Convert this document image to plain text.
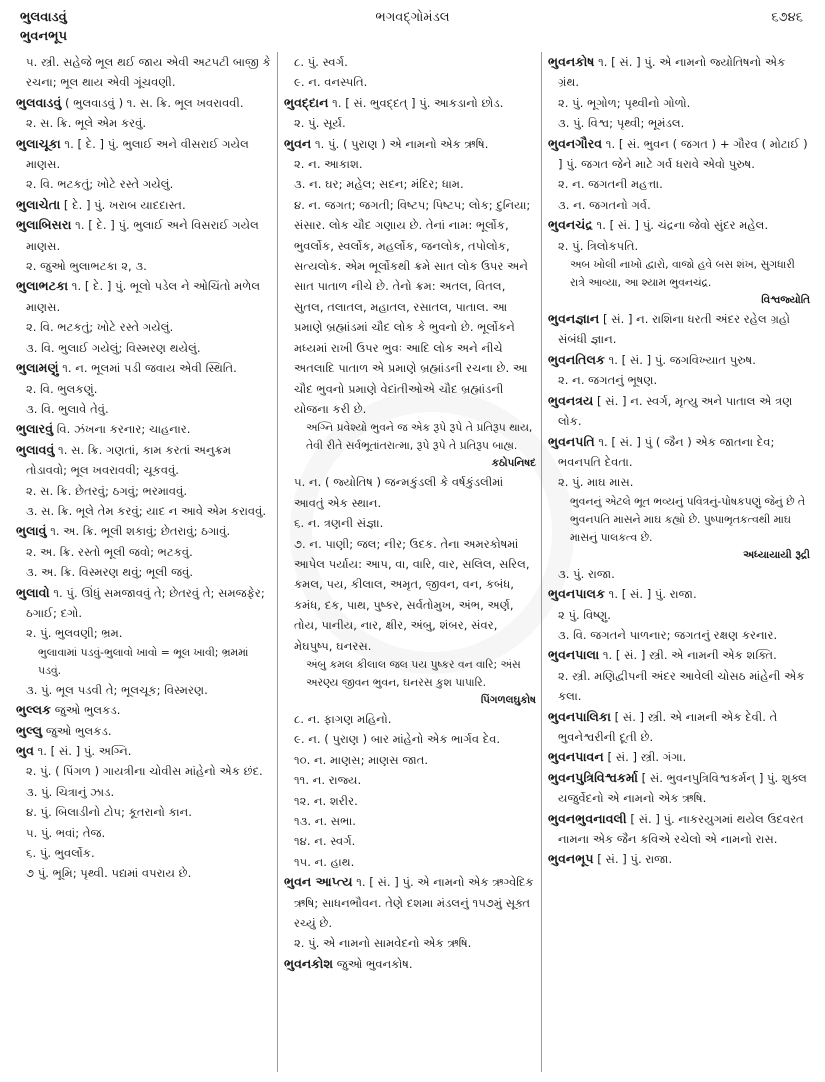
ભુલવાડવું
ભુવનભૂપ
ભગવદ્ગોમંડલ	૬૭૪૬

૫. સ્ત્રી. સહેજે ભૂલ થઈ જાય એવી અટપટી બાજી કે રચના; ભૂલ થાય એવી ગૂંચવણી.

ભુલવાડવું ( ભુલવાડવું ) ૧. સ. ક્રિ. ભૂલ ખવરાવવી.

૨. સ. ક્રિ. ભૂલે એમ કરવું.

ભુલાચૂકા ૧. [ દે. ] પું. ભુલાઈ અને વીસરાઈ ગયેલ માણસ.

૨. વિ. ભટકતું; ખોટે રસ્તે ગયેલું.

ભુલાચેતા [ દે. ] પું. ખરાબ યાદદાસ્ત.

ભુલાબિસરા ૧. [ દે. ] પું. ભુલાઈ અને વિસરાઈ ગયેલ માણસ.

૨. જુઓ ભુલાભટકા ૨, ૩.

ભુલાભટકા ૧. [ દે. ] પું. ભૂલો પડેલ ને ઓચિંતો મળેલ માણસ.

૨. વિ. ભટકતું; ખોટે રસ્તે ગયેલું.

૩. વિ. ભુલાઈ ગયેલું; વિસ્મરણ થયેલું.

ભુલામણું ૧. ન. ભૂલમાં પડી જવાય એવી સ્થિતિ.

૨. વિ. ભુલકણું.

૩. વિ. ભુલાવે તેવું.

ભુલારવું વિ. ઝંખના કરનાર; ચાહનાર.

ભુલાવવું ૧. સ. ક્રિ. ગણતાં, કામ કરતાં અનુક્રમ તોડાવવો; ભૂલ ખવરાવવી; ચૂકવવું.

૨. સ. ક્રિ. છેતરવું; ઠગવું; ભરમાવવું.

૩. સ. ક્રિ. ભૂલે તેમ કરવું; યાદ ન આવે એમ કરાવવું.

ભુલાવું ૧. અ. ક્રિ. ભૂલી શકાવું; છેતરાવું; ઠગાવું.

૨. અ. ક્રિ. રસ્તો ભૂલી જવો; ભટકવું.

૩. અ. ક્રિ. વિસ્મરણ થવું; ભૂલી જવું.

ભુલાવો ૧. પું. ઊંધું સમજાવવું તે; છેતરવું તે; સમજફેર; ઠગાઈ; દગો.

૨. પું. ભુલવણી; ભ્રમ.

ભુલાવામાં પડવું-ભુલાવો ખાવો = ભૂલ ખાવી; ભ્રમમાં પડવું.

૩. પું. ભૂલ પડવી તે; ભૂલચૂક; વિસ્મરણ.

ભુલ્લક જુઓ ભુલકડ.

ભુલ્લુ જુઓ ભુલકડ.

ભુવ ૧. [ સં. ] પું. અગ્નિ.

૨. પું. ( પિંગળ ) ગાયત્રીના ચોવીસ માંહેનો એક છંદ.

૩. પું. ચિત્રાનું ઝાડ.

૪. પું. બિલાડીનો ટોપ; કૂતરાનો કાન.

૫. પું. ભવાં; તેજ.

૬. પું. ભુવર્લોક.

૭ પું. ભૂમિ; પૃથ્વી. પદ્યમાં વપરાય છે.

૮. પું. સ્વર્ગ.

૯. ન. વનસ્પતિ.

ભુવદ્દાન ૧. [ સં. ભુવદ્દત્ ] પું. આકડાનો છોડ.

૨. પું. સૂર્ય.

ભુવન ૧. પું. ( પુરાણ ) એ નામનો એક ઋષિ.

૨. ન. આકાશ.

૩. ન. ઘર; મહેલ; સદન; મંદિર; ધામ.

૪. ન. જગત; જગતી; વિષ્ટપ; પિષ્ટપ; લોક; દુનિયા; સંસાર. લોક ચૌદ ગણાય છે. તેનાં નામ: ભૂર્લોક, ભુવર્લોક, સ્વર્લોક, મહર્લોક, જનલોક, તપોલોક, સત્યલોક. એમ ભૂર્લોકથી ક્રમે સાત લોક ઉપર અને સાત પાતાળ નીચે છે. તેનો ક્રમ: અતલ, વિતલ, સુતલ, તલાતલ, મહાતલ, રસાતલ, પાતાલ. આ પ્રમાણે બ્રહ્માંડમાં ચૌદ લોક કે ભુવનો છે. ભૂર્લોકને મધ્યમાં રાખી ઉપર ભુવઃ આદિ લોક અને નીચે અતલાદિ પાતાળ એ પ્રમાણે બ્રહ્માંડની રચના છે. આ ચૌદ ભુવનો પ્રમાણે વેદાંતીઓએ ચૌદ બ્રહ્માંડની યોજના કરી છે.

અગ્નિ પ્રવેશ્યો ભુવને જ એક રૂપે રૂપે તે પ્રતિરૂપ થાય, તેવી રીતે સર્વભૂતાંતરાત્મા, રૂપે રૂપે તે પ્રતિરૂપ બાહ્ય.

કઠોપનિષદ

૫. ન. ( જ્યોતિષ ) જન્મકુંડલી કે વર્ષકુંડલીમાં આવતું એક સ્થાન.

૬. ન. ત્રણની સંજ્ઞા.

૭. ન. પાણી; જલ; નીર; ઉદક. તેના અમરકોષમાં આપેલ પર્યાય: આપ, વા, વારિ, વાર, સલિલ, સરિલ, કમલ, પય, કીલાલ, અમૃત, જીવન, વન, કબંધ, કમંધ, દક, પાથ, પુષ્કર, સર્વતોમુખ, અંભ, અર્ણ, તોય, પાનીય, નાર, ક્ષીર, અંબુ, શંબર, સંવર, મેઘપુષ્પ, ઘનરસ.

અંબુ કમલ કીલાલ જલ પય પુષ્કર વન વારિ; અંસ અરણ્ય જીવન ભુવન, ઘનરસ કુશ પાપારિ.

પિંગળલઘુકોષ

૮. ન. ફાગણ મહિનો.

૯. ન. ( પુરાણ ) બાર માંહેનો એક ભાર્ગવ દેવ.

૧૦. ન. માણસ; માણસ જાત.

૧૧. ન. રાજ્ય.

૧૨. ન. શરીર.

૧૩. ન. સભા.

૧૪. ન. સ્વર્ગ.

૧૫. ન. હાથ.

ભુવન આપ્ત્ય ૧. [ સં. ] પું. એ નામનો એક ઋગ્વેદિક ઋષિ; સાધનભૌવન. તેણે દશમા મંડલનું ૧૫૭મું સૂક્ત રચ્યું છે.

૨. પું. એ નામનો સામવેદનો એક ઋષિ.

ભુવનકોશ જુઓ ભુવનકોષ.

ભુવનકોષ ૧. [ સં. ] પું. એ નામનો જ્યોતિષનો એક ગ્રંથ.

૨. પું. ભૂગોળ; પૃથ્વીનો ગોળો.

૩. પું. વિશ્વ; પૃથ્વી; ભૂમંડલ.

ભુવનગૌરવ ૧. [ સં. ભુવન ( જગત ) + ગૌરવ ( મોટાઈ ) ] પું. જગત જેને માટે ગર્વ ધરાવે એવો પુરુષ.

૨. ન. જગતની મહત્તા.

૩. ન. જગતનો ગર્વ.

ભુવનચંદ્ર ૧. [ સં. ] પું. ચંદ્રના જેવો સુંદર મહેલ.

૨. પું. ત્રિલોકપતિ.

અબ ખોલી નાખો દ્વારો, વાજો હવે બસ શંખ, સુગધારી રાત્રે આવ્યા, આ શ્યામ ભુવનચંદ્ર.

વિશ્વજ્યોતિ

ભુવનજ્ઞાન [ સં. ] ન. રાશિના ધરતી અંદર રહેલ ગ્રહો સંબંધી જ્ઞાન.

ભુવનતિલક ૧. [ સં. ] પું. જગવિખ્યાત પુરુષ.

૨. ન. જગતનું ભૂષણ.

ભુવનત્રય [ સં. ] ન. સ્વર્ગ, મૃત્યુ અને પાતાલ એ ત્રણ લોક.

ભુવનપતિ ૧. [ સં. ] પું ( જૈન ) એક જાતના દેવ; ભવનપતિ દેવતા.

૨. પું. માઘ માસ.

ભુવનનું એટલે ભૂત ભવ્યનું પવિત્રનું-પોષકપણું જેનું છે તે ભુવનપતિ માસને માઘ કહ્યો છે. પુષ્પાભૃતકત્વથી માઘ માસનું પાલકત્વ છે.

અધ્યાયાયી રૂદ્રી

૩. પું. રાજા.

ભુવનપાલક ૧. [ સં. ] પું. રાજા.

૨ પું. વિષ્ણુ.

૩. વિ. જગતને પાળનાર; જગતનું રક્ષણ કરનાર.

ભુવનપાલા ૧. [ સં. ] સ્ત્રી. એ નામની એક શક્તિ.

૨. સ્ત્રી. મણિદ્વીપની અંદર આવેલી ચોસઠ માંહેની એક કલા.

ભુવનપાલિકા [ સં. ] સ્ત્રી. એ નામની એક દેવી. તે ભુવનેશ્વરીની દૂતી છે.

ભુવનપાવન [ સં. ] સ્ત્રી. ગંગા.

ભુવનપુત્રિવિશ્વકર્મા [ સં. ભુવનપુત્રિવિશ્વકર્મન્ ] પું. શુક્લ યજુર્વેદનો એ નામનો એક ઋષિ.

ભુવનભુવનાવલી [ સં. ] પું. નાકરયુગમાં થયેલ ઉદવરત નામના એક જૈન કવિએ રચેલો એ નામનો રાસ.

ભુવનભૂપ [ સં. ] પું. રાજા.
